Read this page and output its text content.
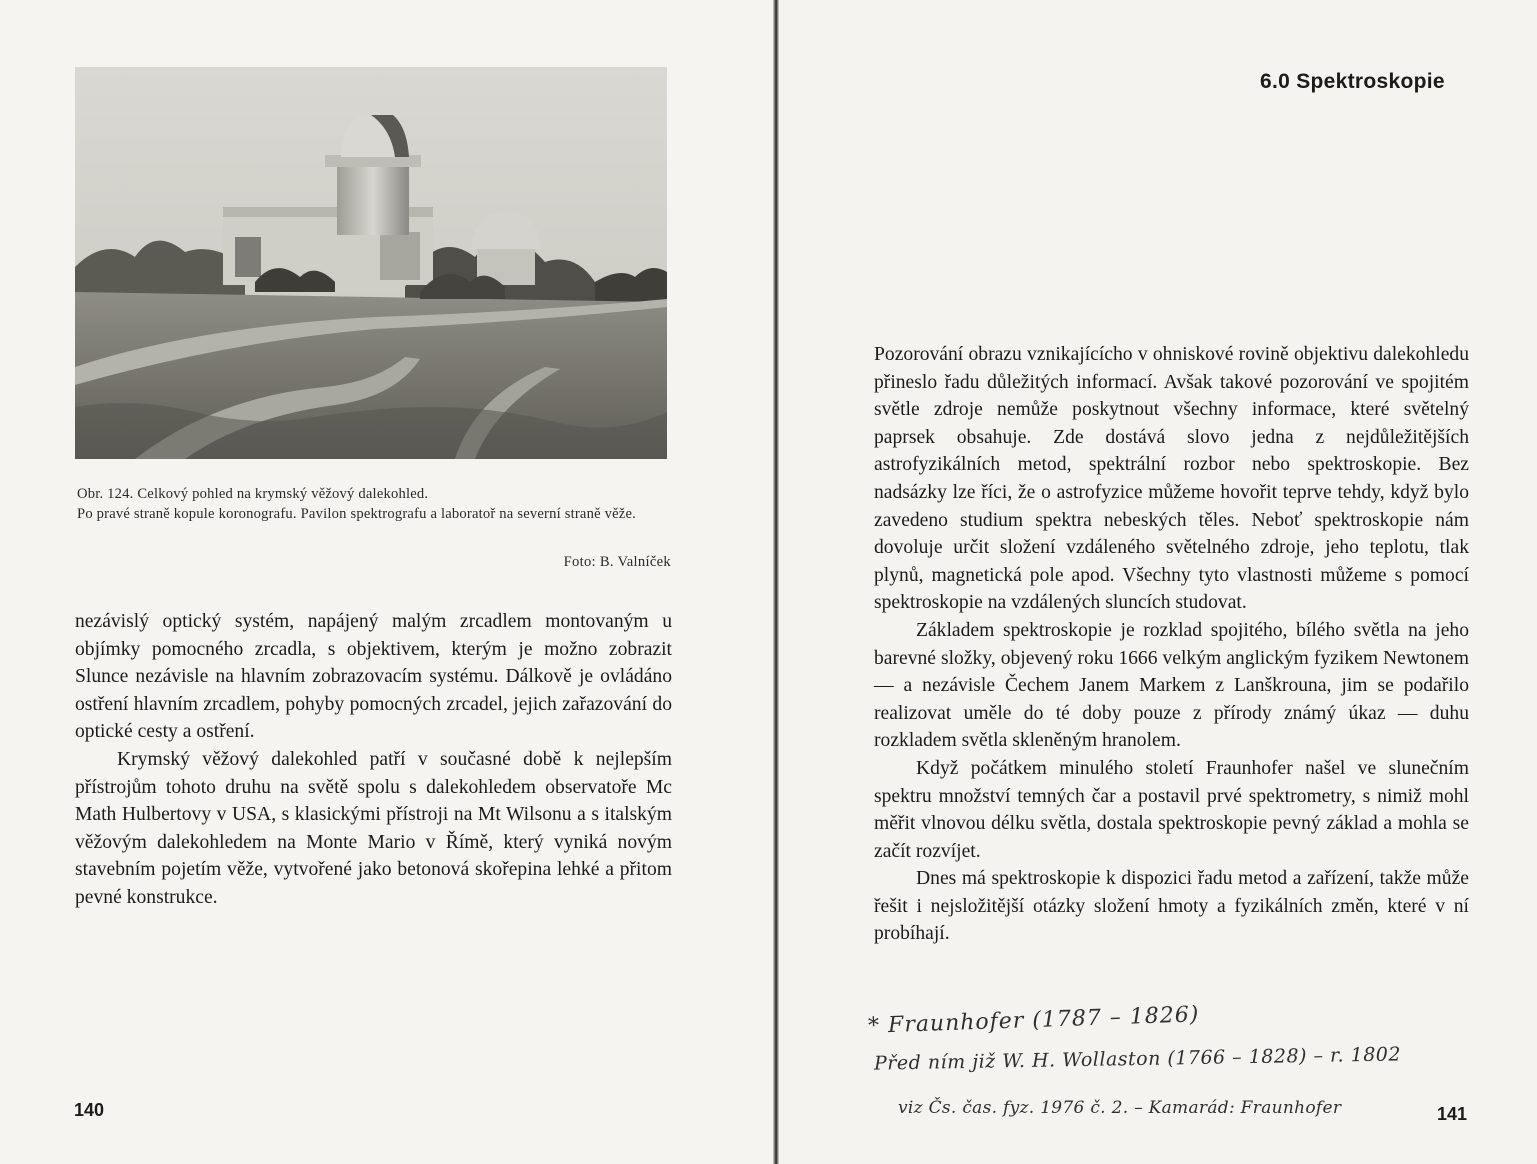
Obr. 124. Celkový pohled na krymský věžový dalekohled.

Po pravé straně kopule koronografu. Pavilon spektrografu a laboratoř na severní straně věže.

Foto: B. Valníček

nezávislý optický systém, napájený malým zrcadlem montovaným u objímky pomocného zrcadla, s objektivem, kterým je možno zobrazit Slunce nezávisle na hlavním zobrazovacím systému. Dálkově je ovládáno ostření hlavním zrcadlem, pohyby pomocných zrcadel, jejich zařazování do optické cesty a ostření.

Krymský věžový dalekohled patří v současné době k nejlepším přístrojům tohoto druhu na světě spolu s dalekohledem observatoře Mc Math Hulbertovy v USA, s klasickými přístroji na Mt Wilsonu a s italským věžovým dalekohledem na Monte Mario v Římě, který vyniká novým stavebním pojetím věže, vytvořené jako betonová skořepina lehké a přitom pevné konstrukce.

140
6.0 Spektroskopie

Pozorování obrazu vznikajícícho v ohniskové rovině objektivu dalekohledu přineslo řadu důležitých informací. Avšak takové pozorování ve spojitém světle zdroje nemůže poskytnout všechny informace, které světelný paprsek obsahuje. Zde dostává slovo jedna z nejdůležitějších astrofyzikálních metod, spektrální rozbor nebo spektroskopie. Bez nadsázky lze říci, že o astrofyzice můžeme hovořit teprve tehdy, když bylo zavedeno studium spektra nebeských těles. Neboť spektroskopie nám dovoluje určit složení vzdáleného světelného zdroje, jeho teplotu, tlak plynů, magnetická pole apod. Všechny tyto vlastnosti můžeme s pomocí spektroskopie na vzdálených sluncích studovat.

Základem spektroskopie je rozklad spojitého, bílého světla na jeho barevné složky, objevený roku 1666 velkým anglickým fyzikem Newtonem — a nezávisle Čechem Janem Markem z Lanškrouna, jim se podařilo realizovat uměle do té doby pouze z přírody známý úkaz — duhu rozkladem světla skleněným hranolem.

Když počátkem minulého století Fraunhofer našel ve slunečním spektru množství temných čar a postavil prvé spektrometry, s nimiž mohl měřit vlnovou délku světla, dostala spektroskopie pevný základ a mohla se začít rozvíjet.

Dnes má spektroskopie k dispozici řadu metod a zařízení, takže může řešit i nejsložitější otázky složení hmoty a fyzikálních změn, které v ní probíhají.

* Fraunhofer (1787 – 1826)
Před ním již W. H. Wollaston (1766 – 1828) – r. 1802
viz Čs. čas. fyz. 1976 č. 2. – Kamarád: Fraunhofer	141
